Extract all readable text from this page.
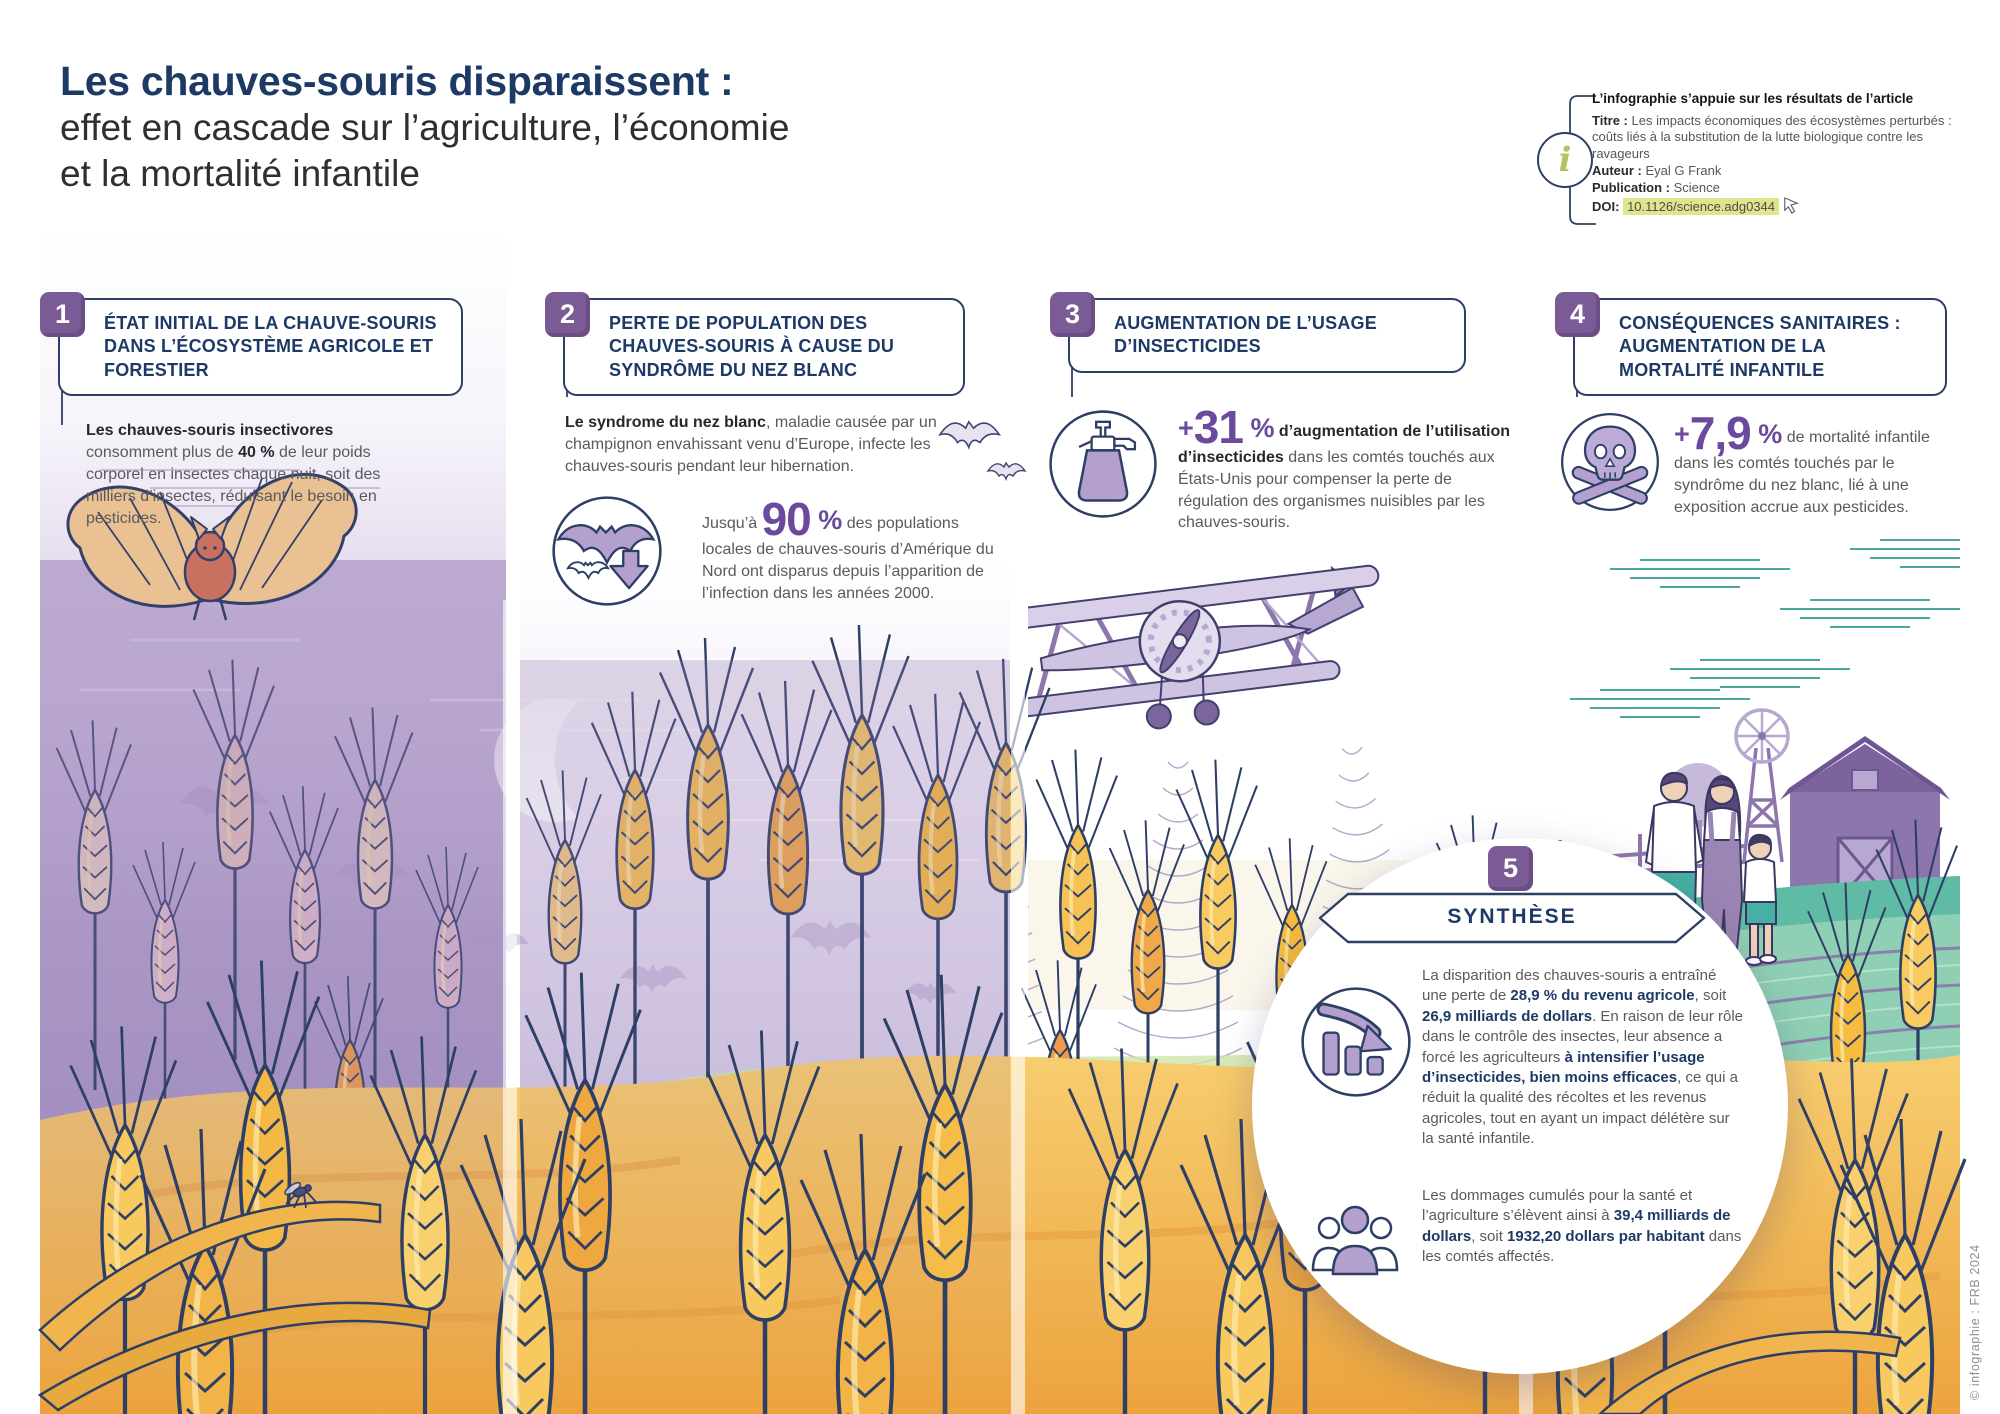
Les chauves-souris disparaissent :
effet en cascade sur l’agriculture, l’économie
et la mortalité infantile	i
L’infographie s’appuie sur les résultats de l’article
Titre : Les impacts économiques des écosystèmes perturbés : coûts liés à la substitution de la lutte biologique contre les ravageurs
Auteur : Eyal G Frank
Publication : Science
DOI: 10.1126/science.adg0344
ÉTAT INITIAL DE LA CHAUVE-SOURIS DANS L’ÉCOSYSTÈME AGRICOLE ET FORESTIER
1
Les chauves-souris insectivores consomment plus de 40 % de leur poids corporel en insectes chaque nuit, soit des milliers d’insectes, réduisant le besoin en pesticides.
PERTE DE POPULATION DES CHAUVES-SOURIS À CAUSE DU SYNDRÔME DU NEZ BLANC
2
Le syndrome du nez blanc, maladie causée par un champignon envahissant venu d’Europe, infecte les chauves-souris pendant leur hibernation.
Jusqu’à 90 % des populations locales de chauves-souris d’Amérique du Nord ont disparus depuis l’apparition de l’infection dans les années 2000.
AUGMENTATION DE L’USAGE D’INSECTICIDES
3
+31 % d’augmentation de l’utilisation d’insecticides dans les comtés touchés aux États-Unis pour compenser la perte de régulation des organismes nuisibles par les chauves-souris.
CONSÉQUENCES SANITAIRES : AUGMENTATION DE LA MORTALITÉ INFANTILE
4
+7,9 % de mortalité infantile dans les comtés touchés par le syndrôme du nez blanc, lié à une exposition accrue aux pesticides.
5
SYNTHÈSE
La disparition des chauves-souris a entraîné une perte de 28,9 % du revenu agricole, soit 26,9 milliards de dollars. En raison de leur rôle dans le contrôle des insectes, leur absence a forcé les agriculteurs à intensifier l’usage d’insecticides, bien moins efficaces, ce qui a réduit la qualité des récoltes et les revenus agricoles, tout en ayant un impact délétère sur la santé infantile.
Les dommages cumulés pour la santé et l’agriculture s’élèvent ainsi à 39,4 milliards de dollars, soit 1932,20 dollars par habitant dans les comtés affectés.	© infographie : FRB 2024
